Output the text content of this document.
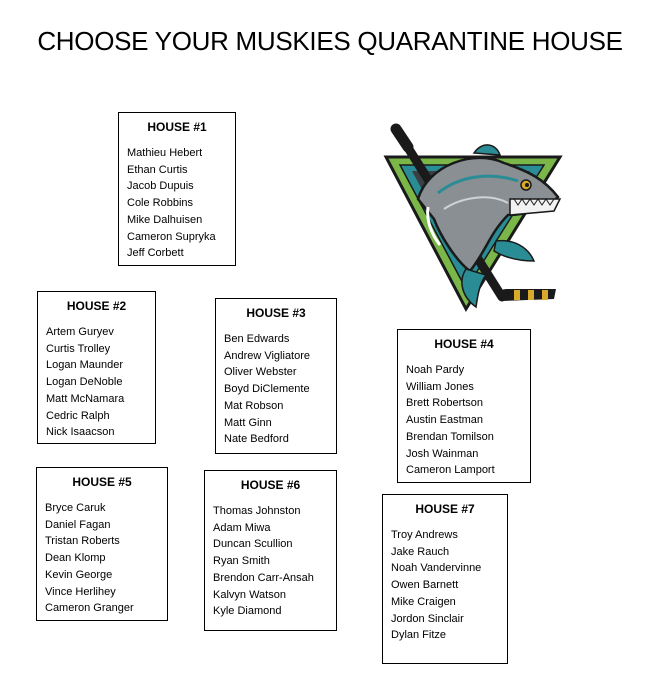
CHOOSE YOUR MUSKIES QUARANTINE HOUSE
HOUSE #1
Mathieu Hebert
Ethan Curtis
Jacob Dupuis
Cole Robbins
Mike Dalhuisen
Cameron Supryka
Jeff Corbett
HOUSE #2
Artem Guryev
Curtis Trolley
Logan Maunder
Logan DeNoble
Matt McNamara
Cedric Ralph
Nick Isaacson
HOUSE #3
Ben Edwards
Andrew Vigliatore
Oliver Webster
Boyd DiClemente
Mat Robson
Matt Ginn
Nate Bedford
HOUSE #4
Noah Pardy
William Jones
Brett Robertson
Austin Eastman
Brendan Tomilson
Josh Wainman
Cameron Lamport
HOUSE #5
Bryce Caruk
Daniel Fagan
Tristan Roberts
Dean Klomp
Kevin George
Vince Herlihey
Cameron Granger
HOUSE #6
Thomas Johnston
Adam Miwa
Duncan Scullion
Ryan Smith
Brendon Carr-Ansah
Kalvyn Watson
Kyle Diamond
HOUSE #7
Troy Andrews
Jake Rauch
Noah Vandervinne
Owen Barnett
Mike Craigen
Jordon Sinclair
Dylan Fitze
